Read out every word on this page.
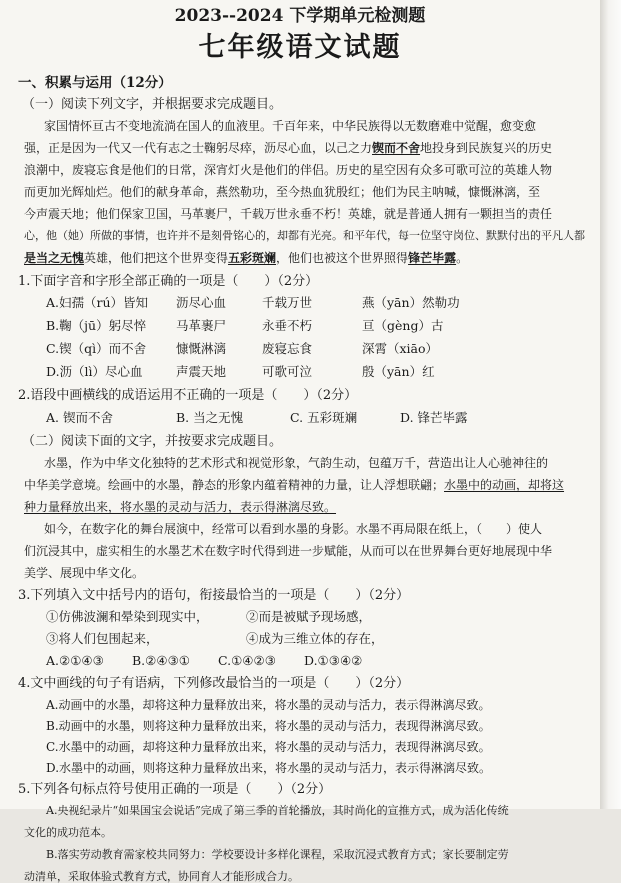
2023--2024 下学期单元检测题
七年级语文试题
一、积累与运用（12分）
（一）阅读下列文字，并根据要求完成题目。
家国情怀亘古不变地流淌在国人的血液里。千百年来，中华民族得以无数磨难中觉醒，愈变愈
强，正是因为一代又一代有志之士鞠躬尽瘁，沥尽心血，以己之力锲而不舍地投身到民族复兴的历史
浪潮中，废寝忘食是他们的日常，深宵灯火是他们的伴侣。历史的星空因有众多可歌可泣的英雄人物
而更加光辉灿烂。他们的献身革命，燕然勒功，至今热血犹殷红；他们为民主呐喊，慷慨淋漓，至
今声震天地；他们保家卫国，马革裹尸，千载万世永垂不朽！英雄，就是普通人拥有一颗担当的责任
心，他（她）所做的事情，也许并不是刻骨铭心的，却都有光亮。和平年代，每一位坚守岗位、默默付出的平凡人都
是当之无愧英雄，他们把这个世界变得五彩斑斓，他们也被这个世界照得锋芒毕露。
1.下面字音和字形全部正确的一项是（　　）（2分）
A.妇孺（rú）皆知 沥尽心血	千载万世	燕（yān）然勒功
B.鞠（jū）躬尽悴 马革裹尸	永垂不朽	亘（gèng）古
C.锲（qì）而不舍 慷慨淋漓	废寝忘食	深霄（xiāo）
D.沥（lì）尽心血	声震天地	可歌可泣	殷（yān）红
2.语段中画横线的成语运用不正确的一项是（　　）（2分）
A. 锲而不舍	B. 当之无愧	C. 五彩斑斓	D. 锋芒毕露
（二）阅读下面的文字，并按要求完成题目。
水墨，作为中华文化独特的艺术形式和视觉形象，气韵生动，包蕴万千，营造出让人心驰神往的
中华美学意境。绘画中的水墨，静态的形象内蕴着精神的力量，让人浮想联翩；水墨中的动画，却将这
种力量释放出来，将水墨的灵动与活力，表示得淋漓尽致。
如今，在数字化的舞台展演中，经常可以看到水墨的身影。水墨不再局限在纸上，（　　）使人
们沉浸其中，虚实相生的水墨艺术在数字时代得到进一步赋能，从而可以在世界舞台更好地展现中华
美学、展现中华文化。
3.下列填入文中括号内的语句，衔接最恰当的一项是（　　）（2分）
①仿佛波澜和晕染到现实中，	②而是被赋予现场感，
③将人们包围起来，	④成为三维立体的存在，
A.②①④③ B.②④③① C.①④②③ D.①③④②
4.文中画线的句子有语病，下列修改最恰当的一项是（　　）（2分）
A.动画中的水墨，却将这种力量释放出来，将水墨的灵动与活力，表示得淋漓尽致。
B.动画中的水墨，则将这种力量释放出来，将水墨的灵动与活力，表现得淋漓尽致。
C.水墨中的动画，却将这种力量释放出来，将水墨的灵动与活力，表现得淋漓尽致。
D.水墨中的动画，则将这种力量释放出来，将水墨的灵动与活力，表示得淋漓尽致。
5.下列各句标点符号使用正确的一项是（　　）（2分）
A.央视纪录片“如果国宝会说话”完成了第三季的首轮播放，其时尚化的宣推方式，成为活化传统
文化的成功范本。
B.落实劳动教育需家校共同努力：学校要设计多样化课程，采取沉浸式教育方式；家长要制定劳
动清单，采取体验式教育方式，协同育人才能形成合力。
